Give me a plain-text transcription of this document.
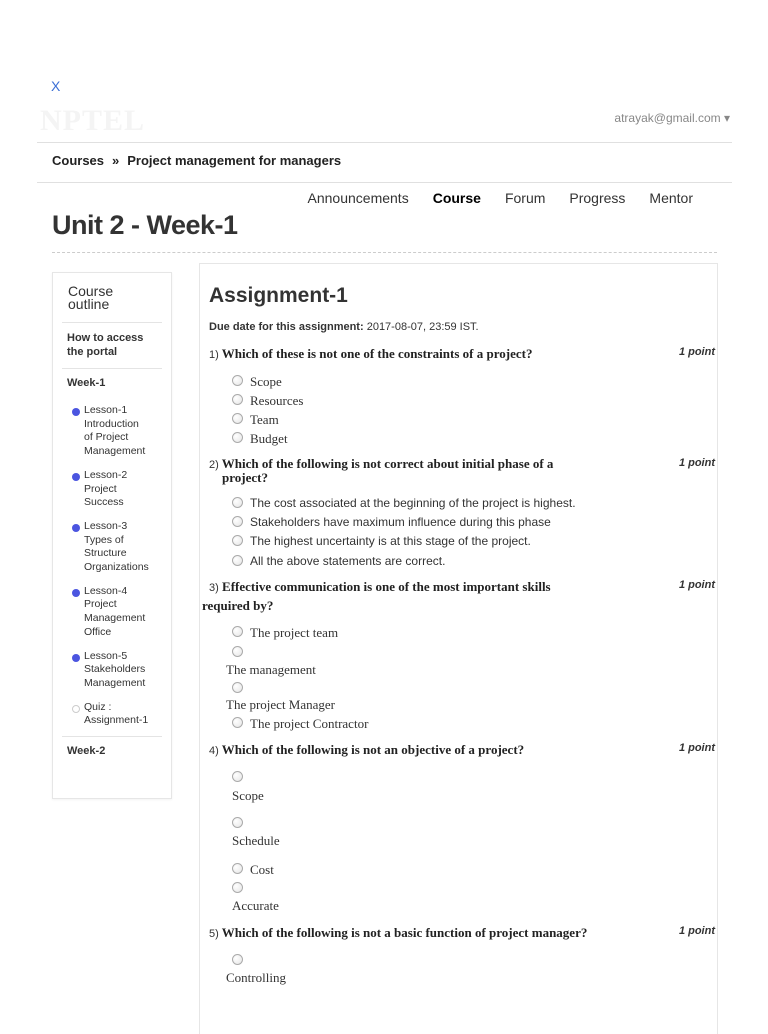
X
NPTEL	atrayak@gmail.com ▾
Courses » Project management for managers
Announcements Course Forum Progress Mentor
Unit 2 - Week-1
Course
outline
How to access
the portal
Week-1
Lesson-1
Introduction
of Project
Management
Lesson-2
Project
Success
Lesson-3
Types of
Structure
Organizations
Lesson-4
Project
Management
Office
Lesson-5
Stakeholders
Management
Quiz :
Assignment-1
Week-2
Assignment-1
Due date for this assignment: 2017-08-07, 23:59 IST.
1) Which of these is not one of the constraints of a project?	1 point
Scope
Resources
Team
Budget
2) Which of the following is not correct about initial phase of a
project?
1 point
The cost associated at the beginning of the project is highest.
Stakeholders have maximum influence during this phase
The highest uncertainty is at this stage of the project.
All the above statements are correct.
3) Effective communication is one of the most important skills
required by?
1 point
The project team
The management
The project Manager
The project Contractor
4) Which of the following is not an objective of a project?	1 point
Scope
Schedule
Cost
Accurate
5) Which of the following is not a basic function of project manager?	1 point
Controlling
